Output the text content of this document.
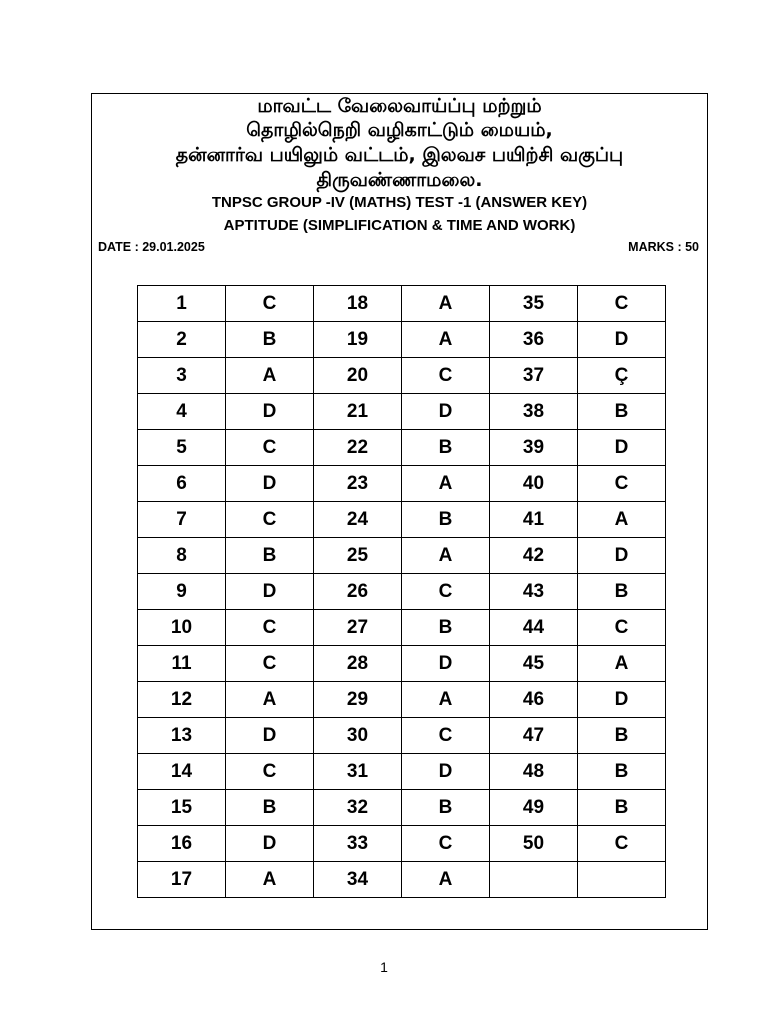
மாவட்ட வேலைவாய்ப்பு மற்றும்
தொழில்நெறி வழிகாட்டும் மையம்,
தன்னார்வ பயிலும் வட்டம், இலவச பயிற்சி வகுப்பு
திருவண்ணாமலை.
TNPSC GROUP -IV (MATHS) TEST -1 (ANSWER KEY)
APTITUDE (SIMPLIFICATION & TIME AND WORK)
DATE : 29.01.2025	MARKS : 50
1	C	18	A	35	C
2	B	19	A	36	D
3	A	20	C	37	Ç
4	D	21	D	38	B
5	C	22	B	39	D
6	D	23	A	40	C
7	C	24	B	41	A
8	B	25	A	42	D
9	D	26	C	43	B
10	C	27	B	44	C
11	C	28	D	45	A
12	A	29	A	46	D
13	D	30	C	47	B
14	C	31	D	48	B
15	B	32	B	49	B
16	D	33	C	50	C
17	A	34	A		
1
